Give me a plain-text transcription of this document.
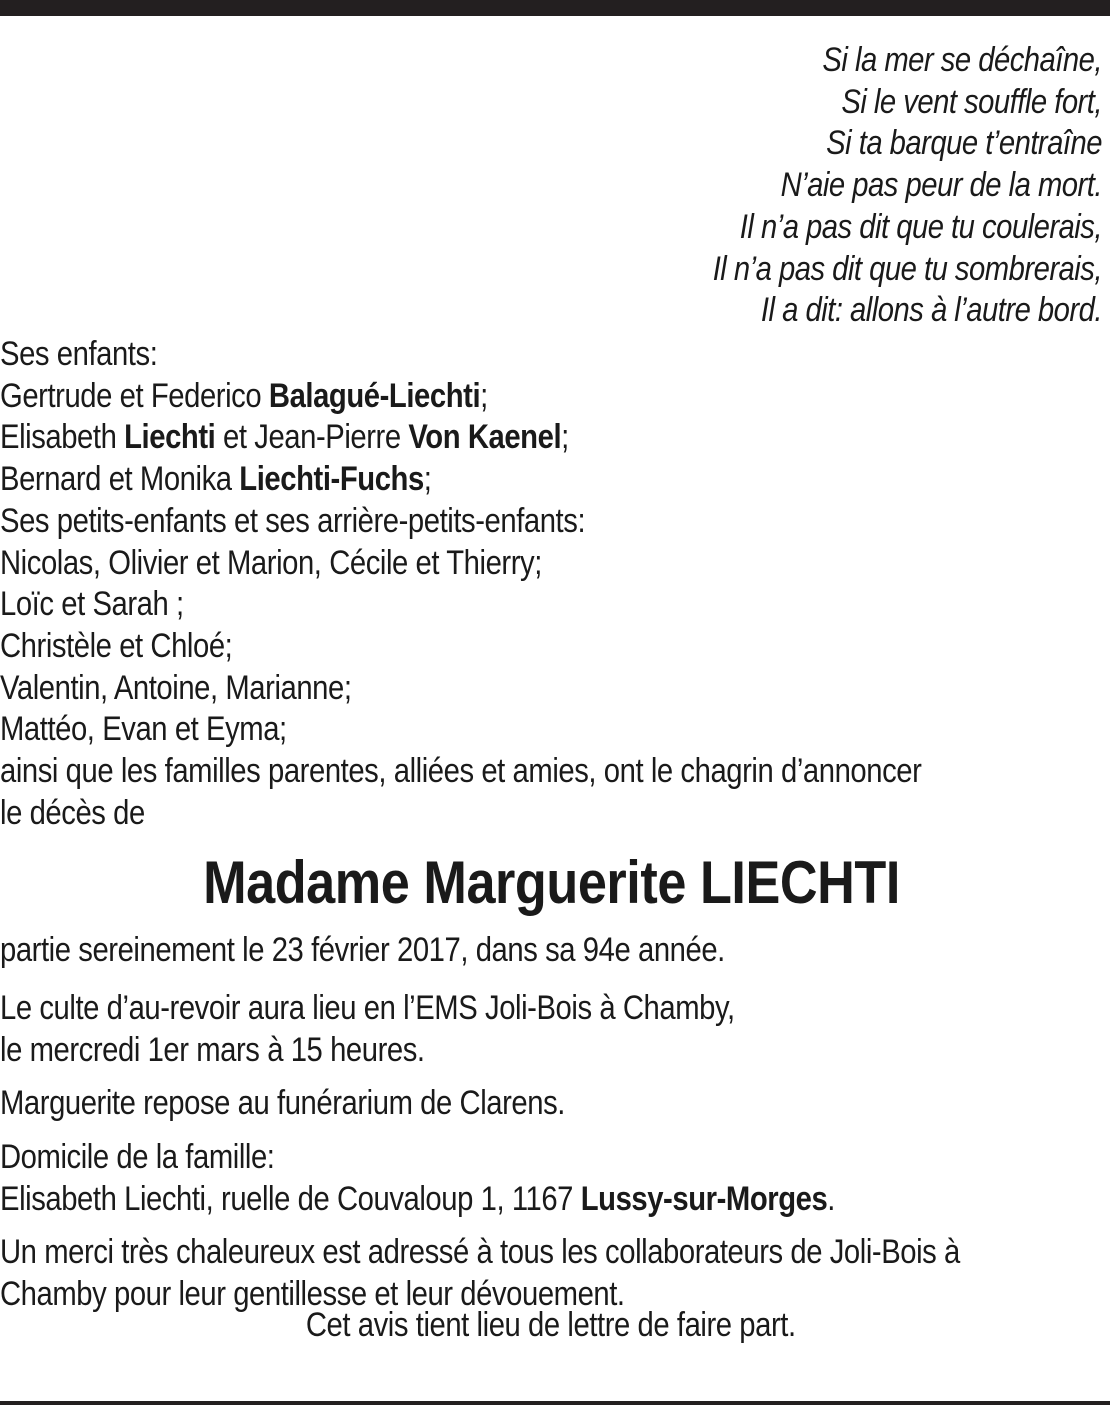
Si la mer se déchaîne,
Si le vent souffle fort,
Si ta barque t’entraîne
N’aie pas peur de la mort.
Il n’a pas dit que tu coulerais,
Il n’a pas dit que tu sombrerais,
Il a dit: allons à l’autre bord.
Ses enfants:
Gertrude et Federico Balagué-Liechti;
Elisabeth Liechti et Jean-Pierre Von Kaenel;
Bernard et Monika Liechti-Fuchs;
Ses petits-enfants et ses arrière-petits-enfants:
Nicolas, Olivier et Marion, Cécile et Thierry;
Loïc et Sarah ;
Christèle et Chloé;
Valentin, Antoine, Marianne;
Mattéo, Evan et Eyma;
ainsi que les familles parentes, alliées et amies, ont le chagrin d’annoncer
le décès de
Madame Marguerite LIECHTI
partie sereinement le 23 février 2017, dans sa 94e année.
Le culte d’au-revoir aura lieu en l’EMS Joli-Bois à Chamby,
le mercredi 1er mars à 15 heures.
Marguerite repose au funérarium de Clarens.
Domicile de la famille:
Elisabeth Liechti, ruelle de Couvaloup 1, 1167 Lussy-sur-Morges.
Un merci très chaleureux est adressé à tous les collaborateurs de Joli-Bois à
Chamby pour leur gentillesse et leur dévouement.
Cet avis tient lieu de lettre de faire part.
